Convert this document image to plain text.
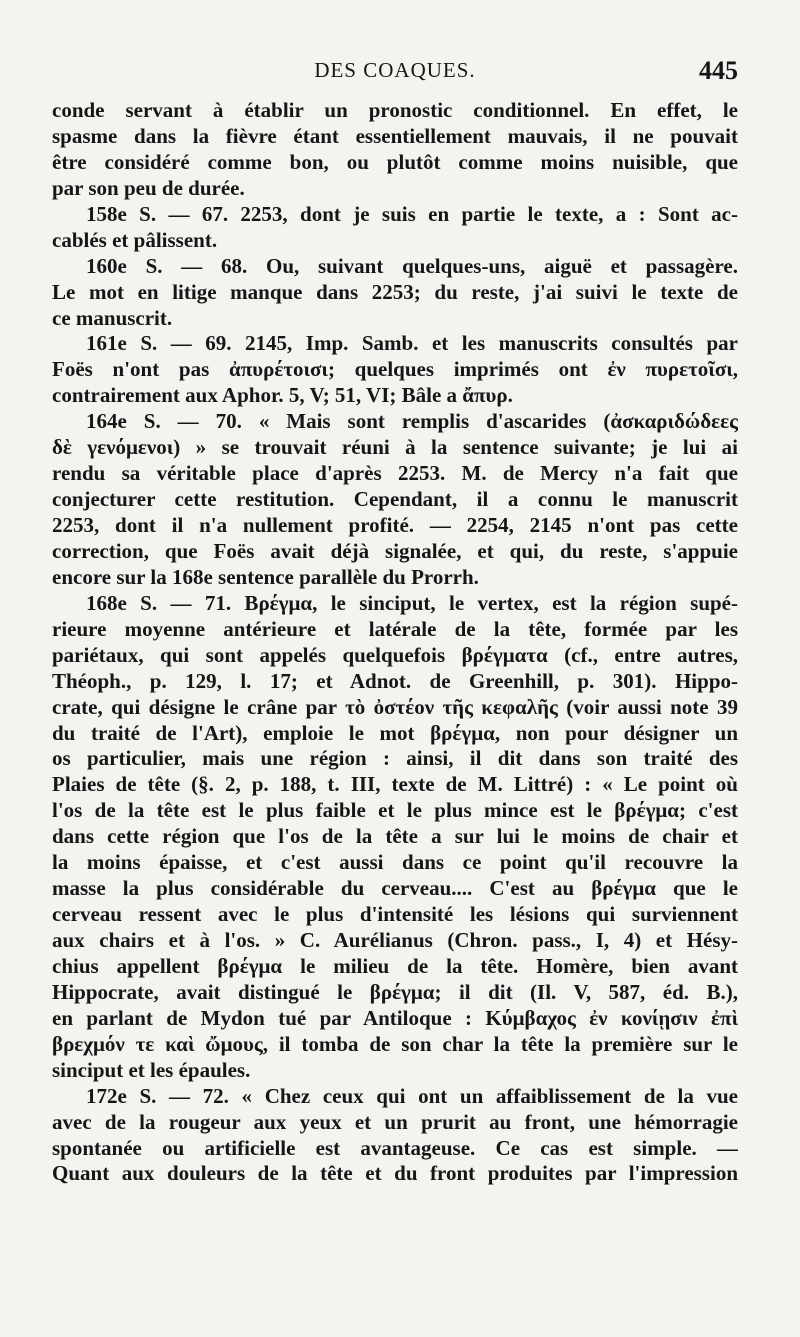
DES COAQUES.	445
conde servant à établir un pronostic conditionnel. En effet, le
spasme dans la fièvre étant essentiellement mauvais, il ne pouvait
être considéré comme bon, ou plutôt comme moins nuisible, que
par son peu de durée.
158e S. — 67. 2253, dont je suis en partie le texte, a : Sont ac-
cablés et pâlissent.
160e S. — 68. Ou, suivant quelques-uns, aiguë et passagère.
Le mot en litige manque dans 2253; du reste, j'ai suivi le texte de
ce manuscrit.
161e S. — 69. 2145, Imp. Samb. et les manuscrits consultés par
Foës n'ont pas ἀπυρέτοισι; quelques imprimés ont ἐν πυρετοῖσι,
contrairement aux Aphor. 5, V; 51, VI; Bâle a ἄπυρ.
164e S. — 70. « Mais sont remplis d'ascarides (ἀσκαριδώδεες
δὲ γενόμενοι) » se trouvait réuni à la sentence suivante; je lui ai
rendu sa véritable place d'après 2253. M. de Mercy n'a fait que
conjecturer cette restitution. Cependant, il a connu le manuscrit
2253, dont il n'a nullement profité. — 2254, 2145 n'ont pas cette
correction, que Foës avait déjà signalée, et qui, du reste, s'appuie
encore sur la 168e sentence parallèle du Prorrh.
168e S. — 71. Βρέγμα, le sinciput, le vertex, est la région supé-
rieure moyenne antérieure et latérale de la tête, formée par les
pariétaux, qui sont appelés quelquefois βρέγματα (cf., entre autres,
Théoph., p. 129, l. 17; et Adnot. de Greenhill, p. 301). Hippo-
crate, qui désigne le crâne par τὸ ὀστέον τῆς κεφαλῆς (voir aussi note 39
du traité de l'Art), emploie le mot βρέγμα, non pour désigner un
os particulier, mais une région : ainsi, il dit dans son traité des
Plaies de tête (§. 2, p. 188, t. III, texte de M. Littré) : « Le point où
l'os de la tête est le plus faible et le plus mince est le βρέγμα; c'est
dans cette région que l'os de la tête a sur lui le moins de chair et
la moins épaisse, et c'est aussi dans ce point qu'il recouvre la
masse la plus considérable du cerveau.... C'est au βρέγμα que le
cerveau ressent avec le plus d'intensité les lésions qui surviennent
aux chairs et à l'os. » C. Aurélianus (Chron. pass., I, 4) et Hésy-
chius appellent βρέγμα le milieu de la tête. Homère, bien avant
Hippocrate, avait distingué le βρέγμα; il dit (Il. V, 587, éd. B.),
en parlant de Mydon tué par Antiloque : Κύμβαχος ἐν κονίῃσιν ἐπὶ
βρεχμόν τε καὶ ὤμους, il tomba de son char la tête la première sur le
sinciput et les épaules.
172e S. — 72. « Chez ceux qui ont un affaiblissement de la vue
avec de la rougeur aux yeux et un prurit au front, une hémorragie
spontanée ou artificielle est avantageuse. Ce cas est simple. —
Quant aux douleurs de la tête et du front produites par l'impression
